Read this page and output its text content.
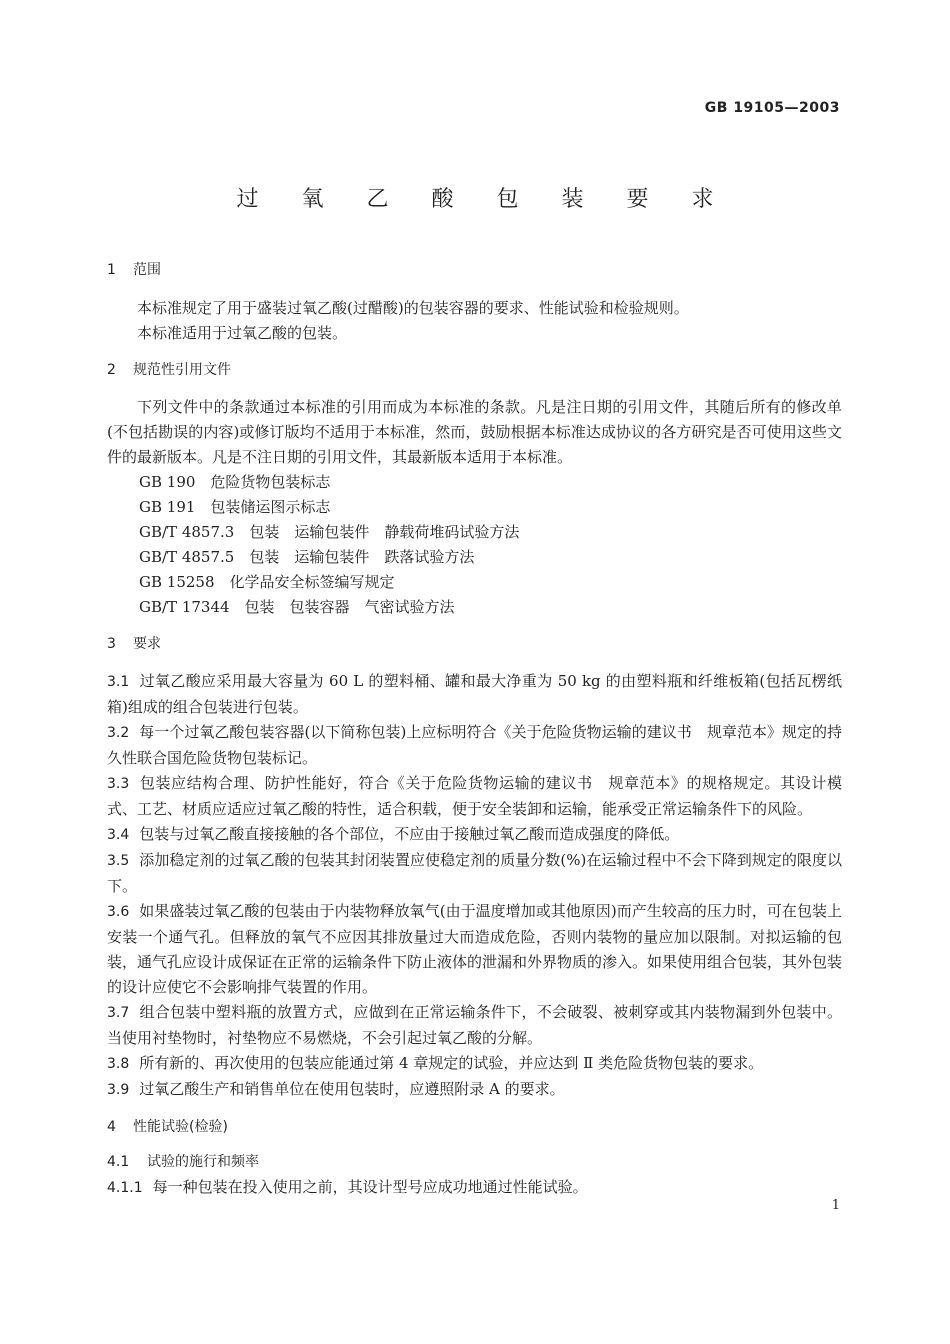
GB 19105—2003
过 氧 乙 酸 包 装 要 求

1 范围

本标准规定了用于盛装过氧乙酸(过醋酸)的包装容器的要求、性能试验和检验规则。

本标准适用于过氧乙酸的包装。

2 规范性引用文件

下列文件中的条款通过本标准的引用而成为本标准的条款。凡是注日期的引用文件，其随后所有的修改单(不包括勘误的内容)或修订版均不适用于本标准，然而，鼓励根据本标准达成协议的各方研究是否可使用这些文件的最新版本。凡是不注日期的引用文件，其最新版本适用于本标准。

GB 190　危险货物包装标志

GB 191　包装储运图示标志

GB/T 4857.3　包装　运输包装件　静载荷堆码试验方法

GB/T 4857.5　包装　运输包装件　跌落试验方法

GB 15258　化学品安全标签编写规定

GB/T 17344　包装　包装容器　气密试验方法

3 要求

3.1 过氧乙酸应采用最大容量为 60 L 的塑料桶、罐和最大净重为 50 kg 的由塑料瓶和纤维板箱(包括瓦楞纸箱)组成的组合包装进行包装。

3.2 每一个过氧乙酸包装容器(以下简称包装)上应标明符合《关于危险货物运输的建议书　规章范本》规定的持久性联合国危险货物包装标记。

3.3 包装应结构合理、防护性能好，符合《关于危险货物运输的建议书　规章范本》的规格规定。其设计模式、工艺、材质应适应过氧乙酸的特性，适合积载，便于安全装卸和运输，能承受正常运输条件下的风险。

3.4 包装与过氧乙酸直接接触的各个部位，不应由于接触过氧乙酸而造成强度的降低。

3.5 添加稳定剂的过氧乙酸的包装其封闭装置应使稳定剂的质量分数(%)在运输过程中不会下降到规定的限度以下。

3.6 如果盛装过氧乙酸的包装由于内装物释放氧气(由于温度增加或其他原因)而产生较高的压力时，可在包装上安装一个通气孔。但释放的氧气不应因其排放量过大而造成危险，否则内装物的量应加以限制。对拟运输的包装，通气孔应设计成保证在正常的运输条件下防止液体的泄漏和外界物质的渗入。如果使用组合包装，其外包装的设计应使它不会影响排气装置的作用。

3.7 组合包装中塑料瓶的放置方式，应做到在正常运输条件下，不会破裂、被刺穿或其内装物漏到外包装中。当使用衬垫物时，衬垫物应不易燃烧，不会引起过氧乙酸的分解。

3.8 所有新的、再次使用的包装应能通过第 4 章规定的试验，并应达到 Ⅱ 类危险货物包装的要求。

3.9 过氧乙酸生产和销售单位在使用包装时，应遵照附录 A 的要求。

4 性能试验(检验)

4.1 试验的施行和频率

4.1.1 每一种包装在投入使用之前，其设计型号应成功地通过性能试验。

1
